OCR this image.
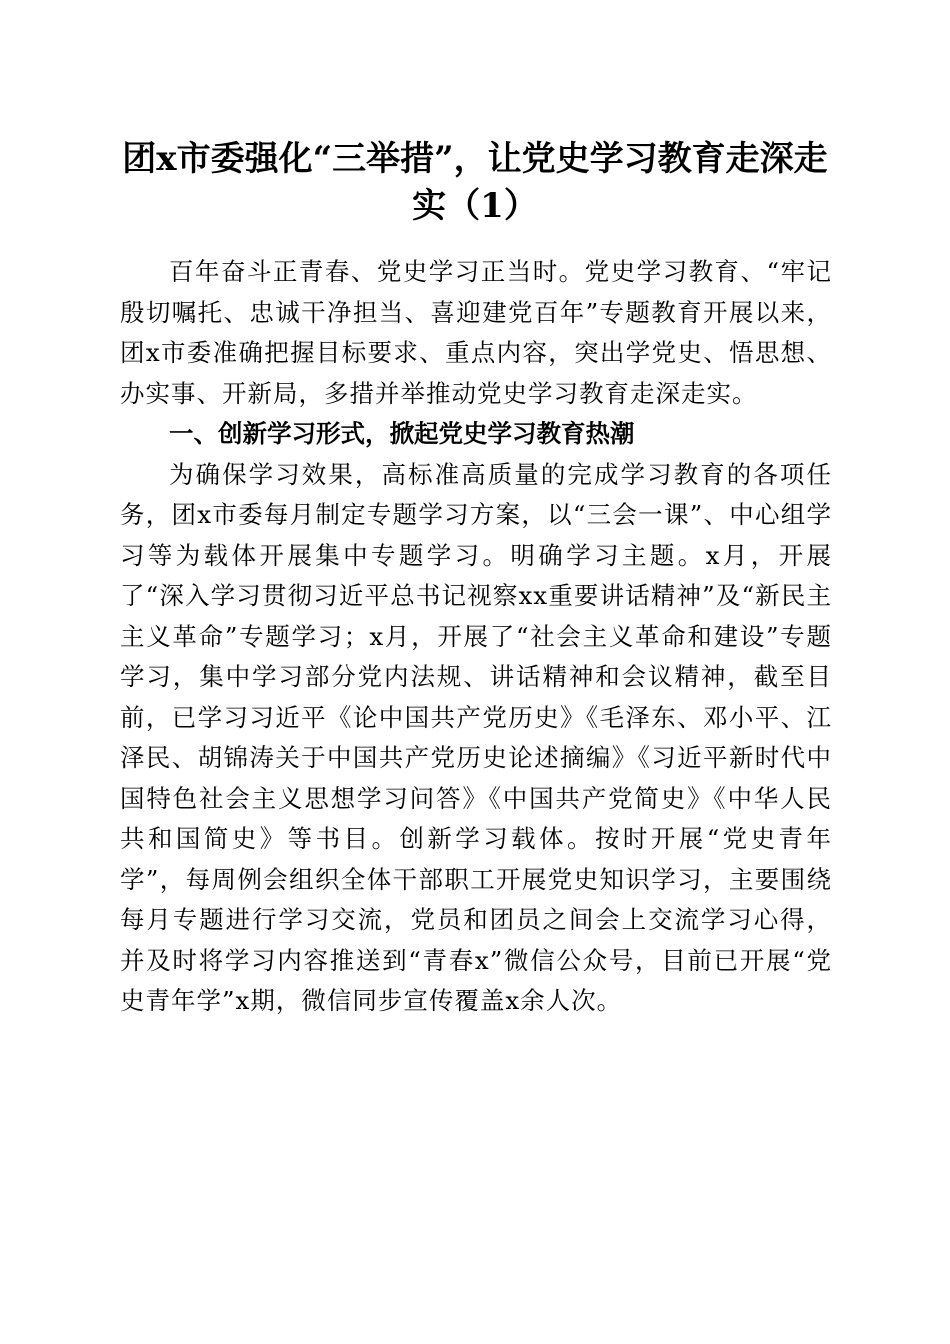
团x市委强化“三举措”，让党史学习教育走深走实（1）

百年奋斗正青春、党史学习正当时。党史学习教育、“牢记殷切嘱托、忠诚干净担当、喜迎建党百年”专题教育开展以来，团x市委准确把握目标要求、重点内容，突出学党史、悟思想、办实事、开新局，多措并举推动党史学习教育走深走实。

一、创新学习形式，掀起党史学习教育热潮

为确保学习效果，高标准高质量的完成学习教育的各项任务，团x市委每月制定专题学习方案，以“三会一课”、中心组学习等为载体开展集中专题学习。明确学习主题。x月，开展了“深入学习贯彻习近平总书记视察xx重要讲话精神”及“新民主主义革命”专题学习；x月，开展了“社会主义革命和建设”专题学习，集中学习部分党内法规、讲话精神和会议精神，截至目前，已学习习近平《论中国共产党历史》《毛泽东、邓小平、江泽民、胡锦涛关于中国共产党历史论述摘编》《习近平新时代中国特色社会主义思想学习问答》《中国共产党简史》《中华人民共和国简史》等书目。创新学习载体。按时开展“党史青年学”，每周例会组织全体干部职工开展党史知识学习，主要围绕每月专题进行学习交流，党员和团员之间会上交流学习心得，并及时将学习内容推送到“青春x”微信公众号，目前已开展“党史青年学”x期，微信同步宣传覆盖x余人次。
